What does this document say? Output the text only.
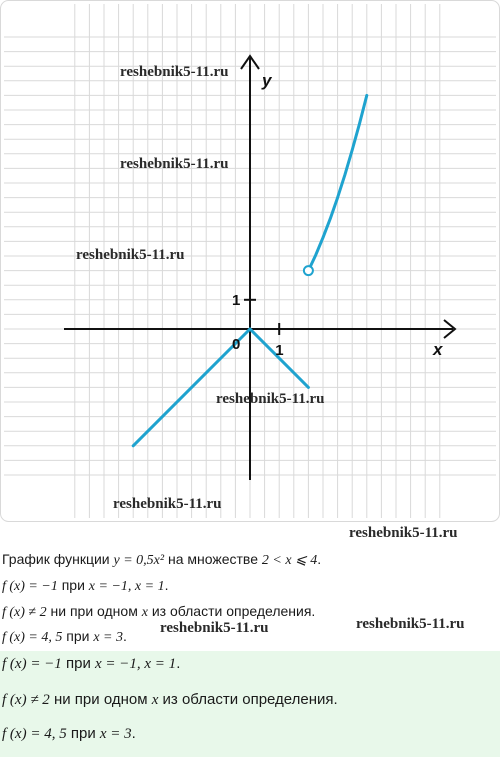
x
y
0 1
1
reshebnik5-11.ru
reshebnik5-11.ru
reshebnik5-11.ru
reshebnik5-11.ru
reshebnik5-11.ru
reshebnik5-11.ru
reshebnik5-11.ru	reshebnik5-11.ru
График функции y = 0,5x² на множестве 2 < x ⩽ 4.
f (x) = −1 при x = −1, x = 1.
f (x) ≠ 2 ни при одном x из области определения.
f (x) = 4, 5 при x = 3.
f (x) = −1 при x = −1, x = 1.
f (x) ≠ 2 ни при одном x из области определения.
f (x) = 4, 5 при x = 3.
